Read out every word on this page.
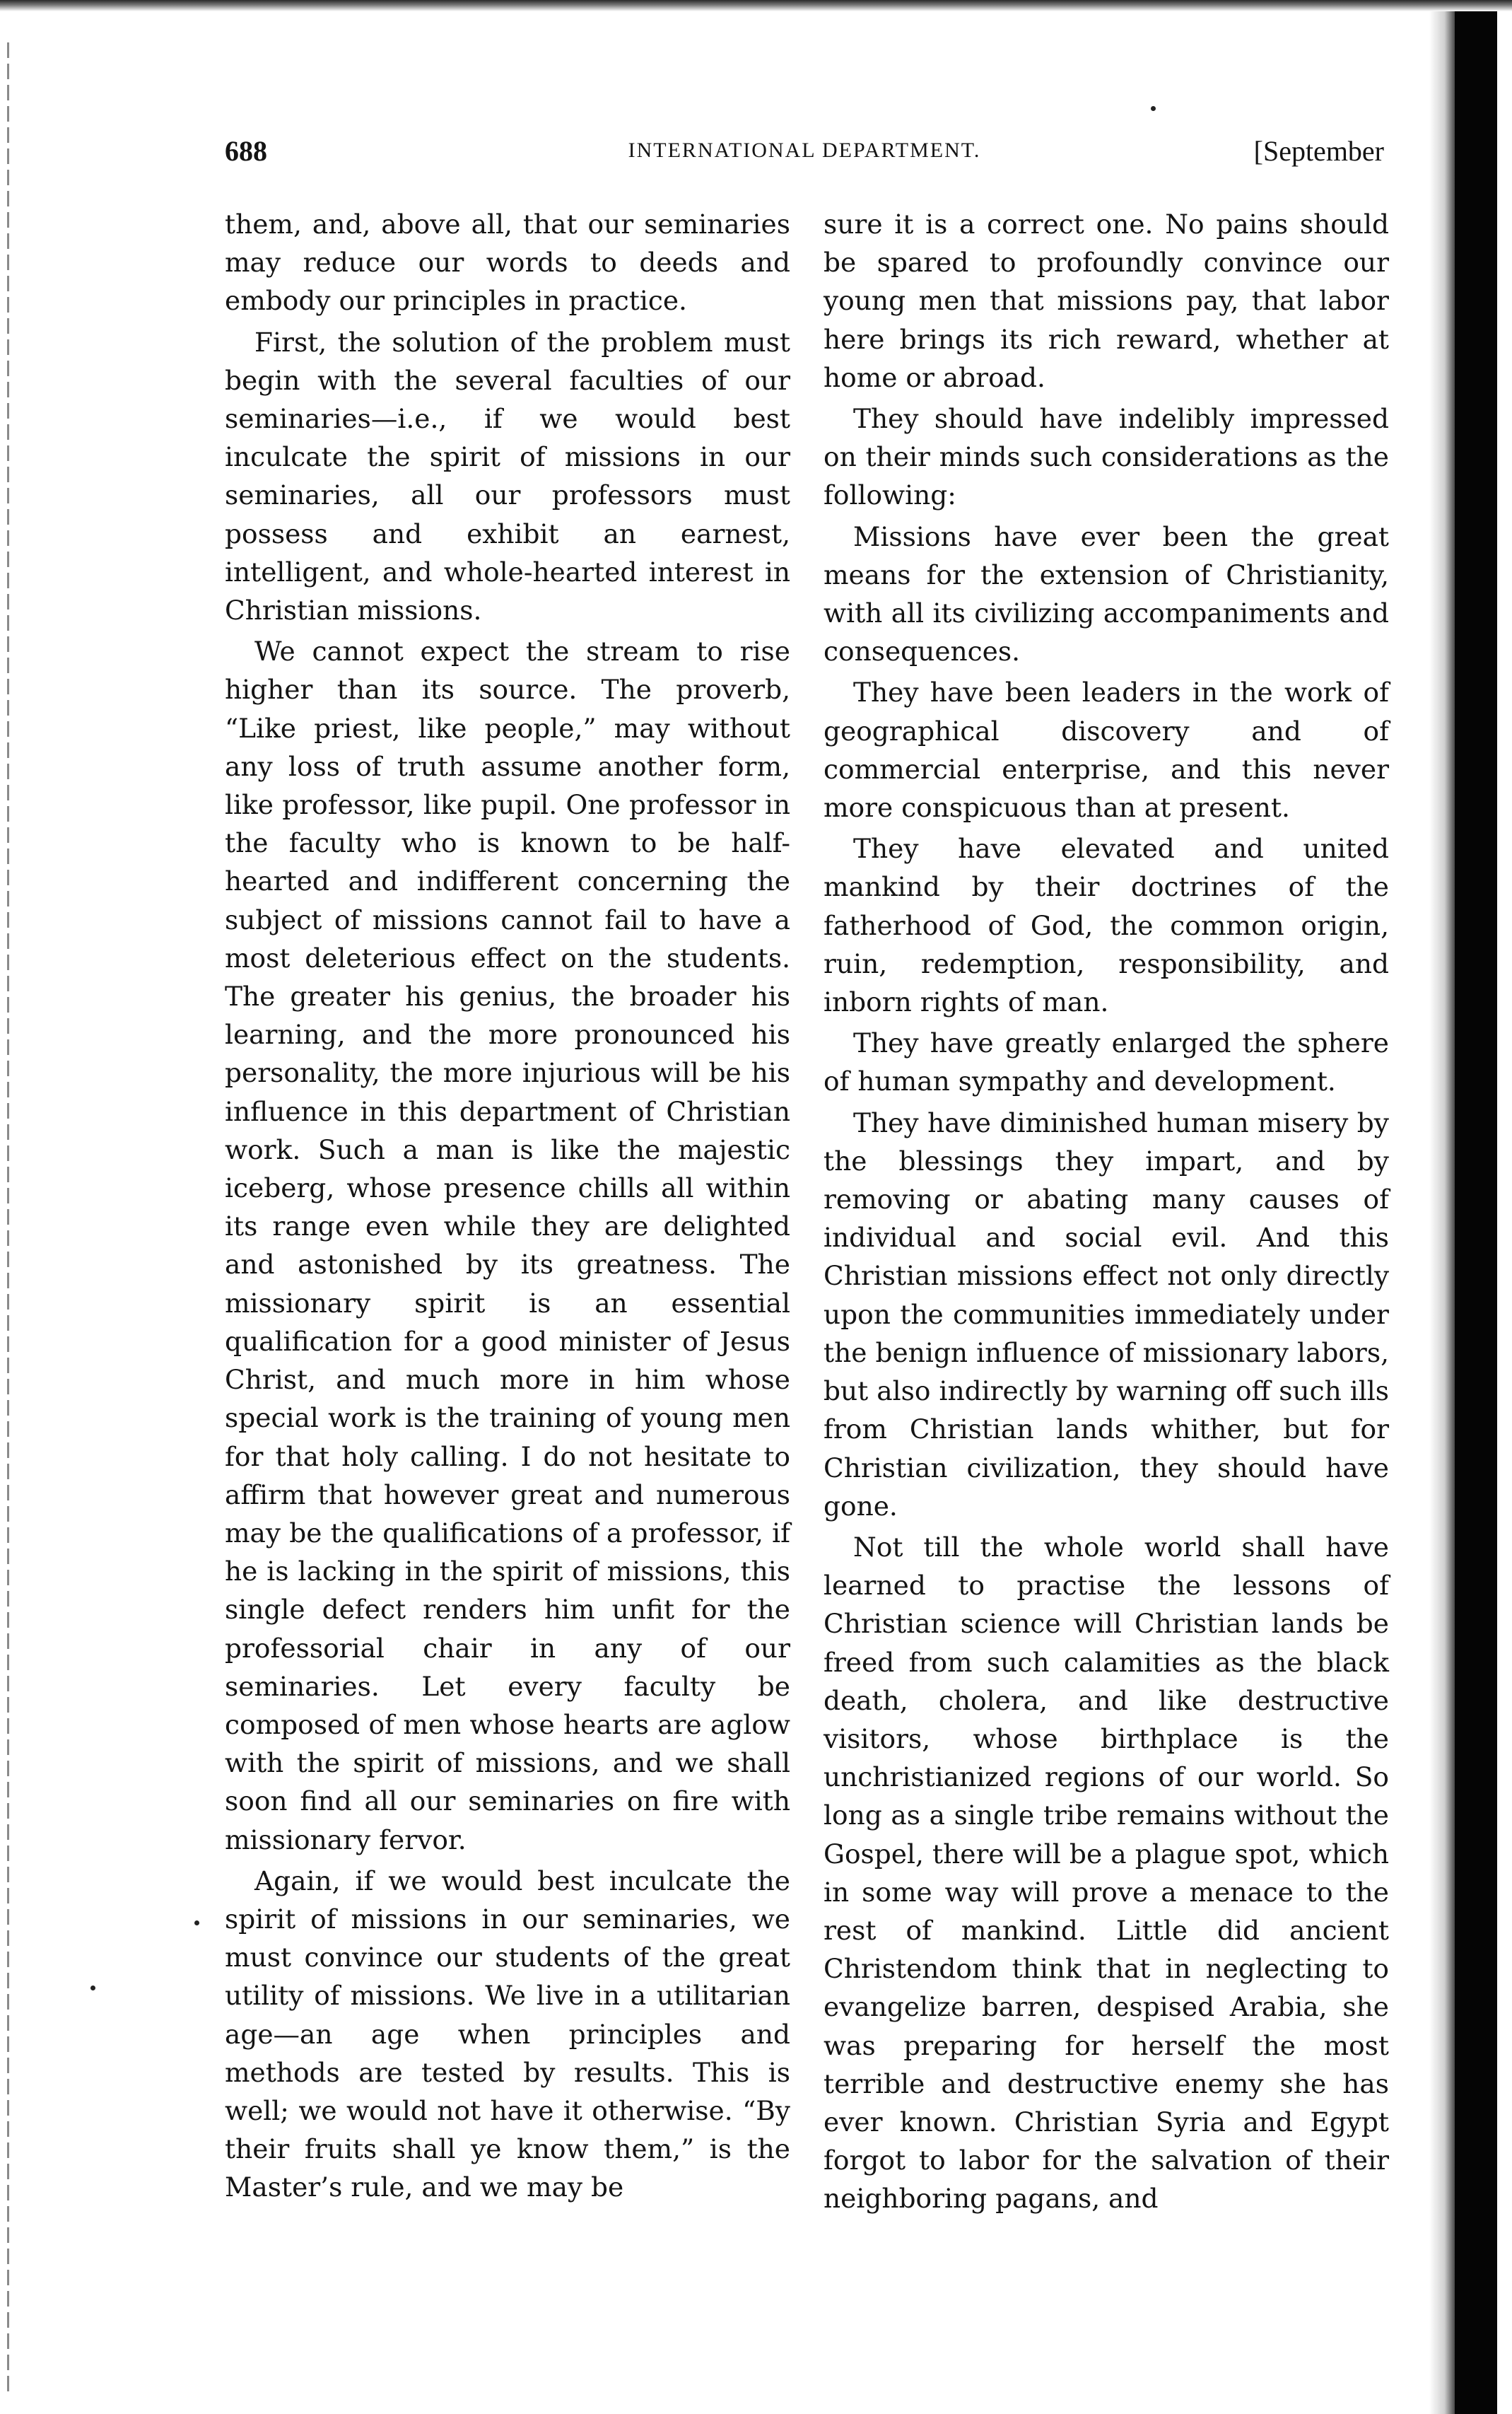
688	INTERNATIONAL DEPARTMENT.	[September

them, and, above all, that our seminaries may reduce our words to deeds and embody our principles in practice.

First, the solution of the problem must begin with the several faculties of our seminaries—i.e., if we would best inculcate the spirit of missions in our seminaries, all our professors must possess and exhibit an earnest, intelligent, and whole-hearted interest in Christian missions.

We cannot expect the stream to rise higher than its source. The proverb, “Like priest, like people,” may without any loss of truth assume another form, like professor, like pupil. One professor in the faculty who is known to be half-hearted and indifferent concerning the subject of missions cannot fail to have a most deleterious effect on the students. The greater his genius, the broader his learning, and the more pronounced his personality, the more injurious will be his influence in this department of Christian work. Such a man is like the majestic iceberg, whose presence chills all within its range even while they are delighted and astonished by its greatness. The missionary spirit is an essential qualification for a good minister of Jesus Christ, and much more in him whose special work is the training of young men for that holy calling. I do not hesitate to affirm that however great and numerous may be the qualifications of a professor, if he is lacking in the spirit of missions, this single defect renders him unfit for the professorial chair in any of our seminaries. Let every faculty be composed of men whose hearts are aglow with the spirit of missions, and we shall soon find all our seminaries on fire with missionary fervor.

Again, if we would best inculcate the spirit of missions in our seminaries, we must convince our students of the great utility of missions. We live in a utilitarian age—an age when principles and methods are tested by results. This is well; we would not have it otherwise. “By their fruits shall ye know them,” is the Master’s rule, and we may be

sure it is a correct one. No pains should be spared to profoundly convince our young men that missions pay, that labor here brings its rich reward, whether at home or abroad.

They should have indelibly impressed on their minds such considerations as the following:

Missions have ever been the great means for the extension of Christianity, with all its civilizing accompaniments and consequences.

They have been leaders in the work of geographical discovery and of commercial enterprise, and this never more conspicuous than at present.

They have elevated and united mankind by their doctrines of the fatherhood of God, the common origin, ruin, redemption, responsibility, and inborn rights of man.

They have greatly enlarged the sphere of human sympathy and development.

They have diminished human misery by the blessings they impart, and by removing or abating many causes of individual and social evil. And this Christian missions effect not only directly upon the communities immediately under the benign influence of missionary labors, but also indirectly by warning off such ills from Christian lands whither, but for Christian civilization, they should have gone.

Not till the whole world shall have learned to practise the lessons of Christian science will Christian lands be freed from such calamities as the black death, cholera, and like destructive visitors, whose birthplace is the unchristianized regions of our world. So long as a single tribe remains without the Gospel, there will be a plague spot, which in some way will prove a menace to the rest of mankind. Little did ancient Christendom think that in neglecting to evangelize barren, despised Arabia, she was preparing for herself the most terrible and destructive enemy she has ever known. Christian Syria and Egypt forgot to labor for the salvation of their neighboring pagans, and
